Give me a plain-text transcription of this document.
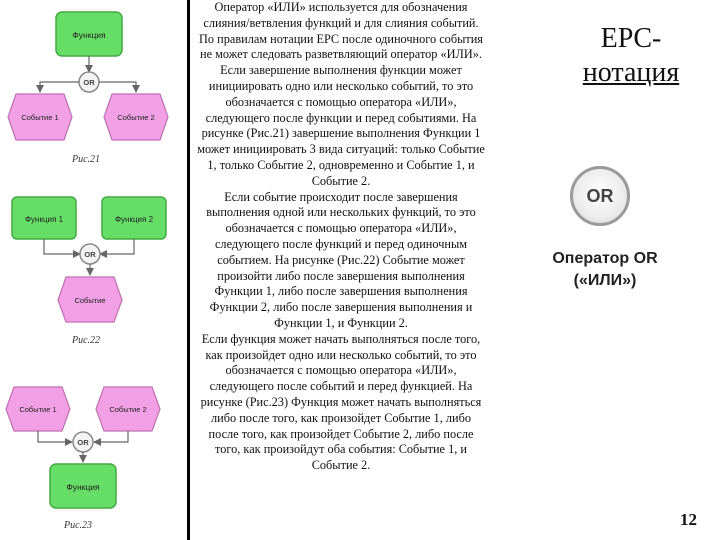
Функция
OR
Событие 1	Событие 2
Рис.21
Функция 1	Функция 2
OR
Событие
Рис.22
Событие 1	Событие 2
OR
Функция
Рис.23

Оператор «ИЛИ» используется для обозначения слияния/ветвления функций и для слияния событий. По правилам нотации EPC после одиночного события не может следовать разветвляющий оператор «ИЛИ».

Если завершение выполнения функции может инициировать одно или несколько событий, то это обозначается с помощью оператора «ИЛИ», следующего после функции и перед событиями. На рисунке (Рис.21) завершение выполнения Функции 1 может инициировать 3 вида ситуаций: только Событие 1, только Событие 2, одновременно и Событие 1, и Событие 2.

Если событие происходит после завершения выполнения одной или нескольких функций, то это обозначается с помощью оператора «ИЛИ», следующего после функций и перед одиночным событием. На рисунке (Рис.22) Событие может произойти либо после завершения выполнения Функции 1, либо после завершения выполнения Функции 2, либо после завершения выполнения и Функции 1, и Функции 2.

Если функция может начать выполняться после того, как произойдет одно или несколько событий, то это обозначается с помощью оператора «ИЛИ», следующего после событий и перед функцией. На рисунке (Рис.23) Функция может начать выполняться либо после того, как произойдет Событие 1, либо после того, как произойдет Событие 2, либо после того, как произойдут оба события: Событие 1, и Событие 2.

EPC-
нотация
OR

Оператор OR
(«ИЛИ»)

12
